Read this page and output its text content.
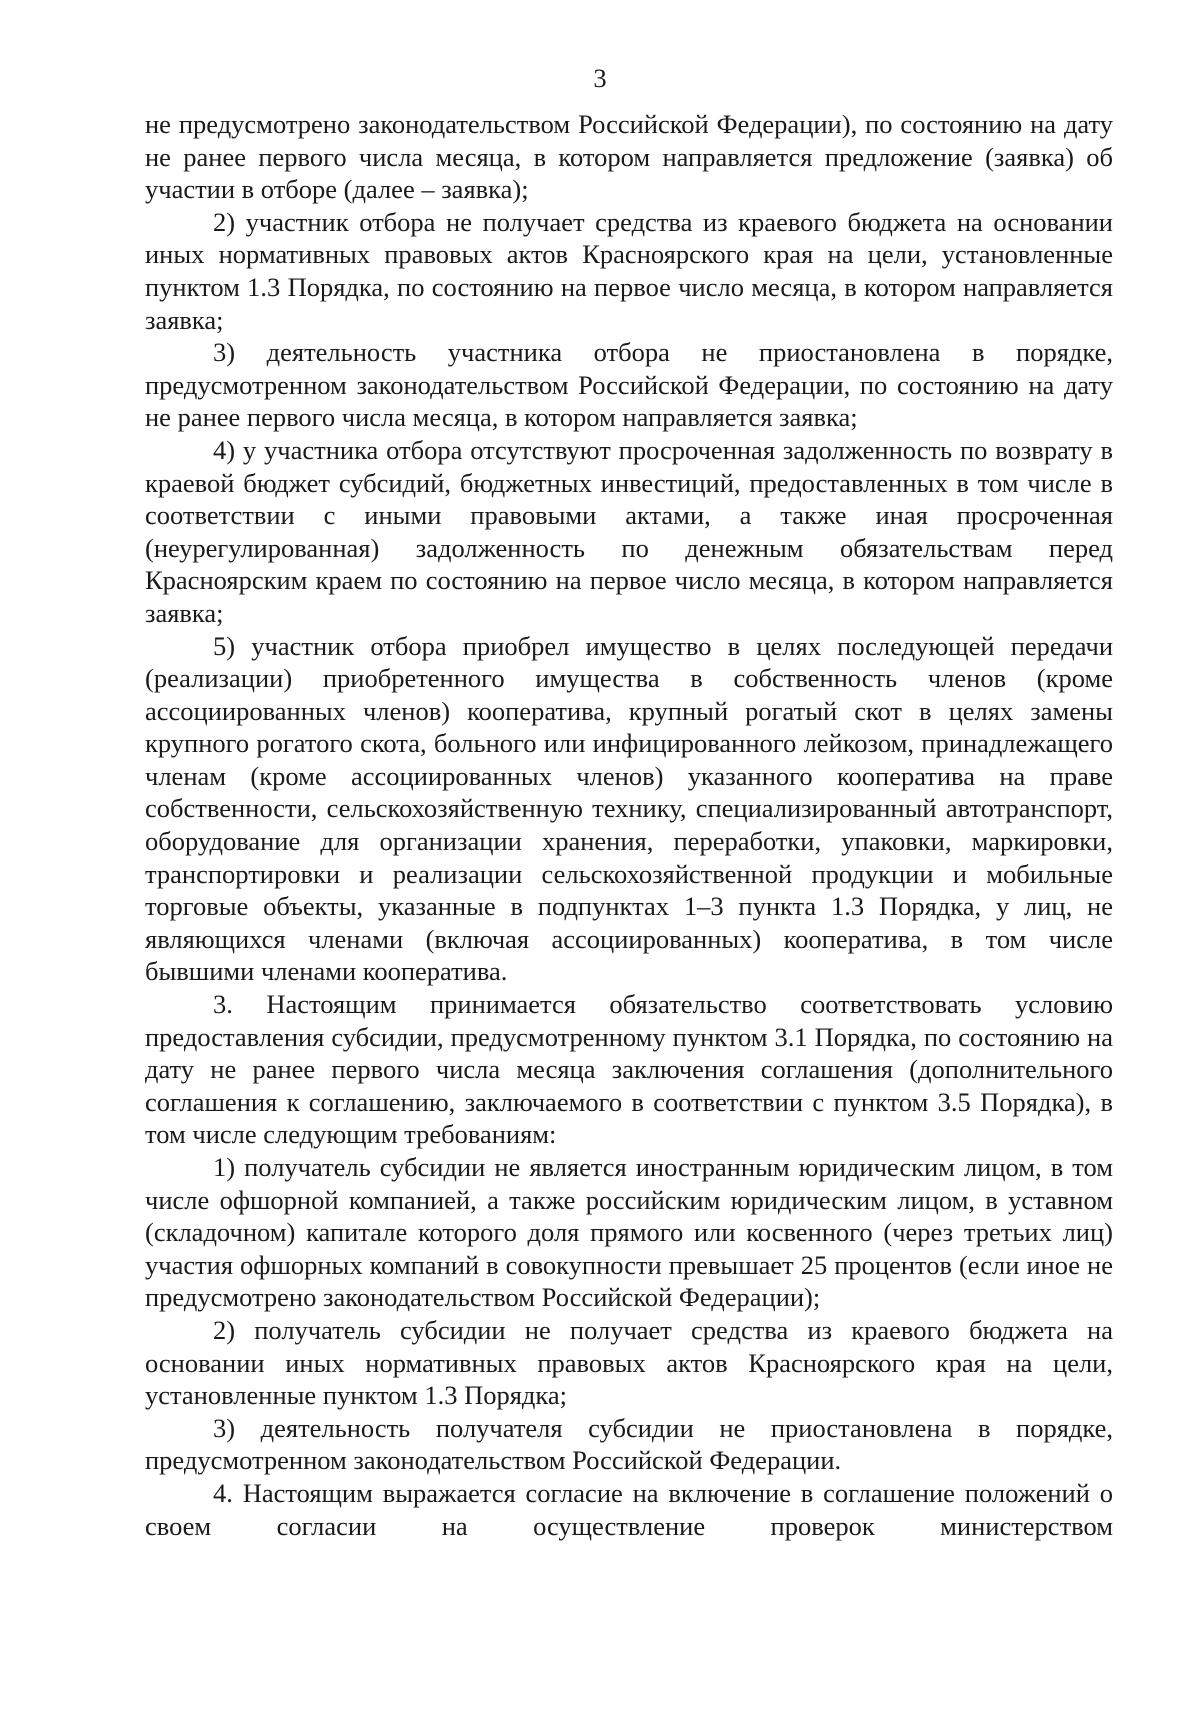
3

не предусмотрено законодательством Российской Федерации), по состоянию на дату не ранее первого числа месяца, в котором направляется предложение (заявка) об участии в отборе (далее – заявка);

2) участник отбора не получает средства из краевого бюджета на основании иных нормативных правовых актов Красноярского края на цели, установленные пунктом 1.3 Порядка, по состоянию на первое число месяца, в котором направляется заявка;

3) деятельность участника отбора не приостановлена в порядке, предусмотренном законодательством Российской Федерации, по состоянию на дату не ранее первого числа месяца, в котором направляется заявка;

4) у участника отбора отсутствуют просроченная задолженность по возврату в краевой бюджет субсидий, бюджетных инвестиций, предоставленных в том числе в соответствии с иными правовыми актами, а также иная просроченная (неурегулированная) задолженность по денежным обязательствам перед Красноярским краем по состоянию на первое число месяца, в котором направляется заявка;

5) участник отбора приобрел имущество в целях последующей передачи (реализации) приобретенного имущества в собственность членов (кроме ассоциированных членов) кооператива, крупный рогатый скот в целях замены крупного рогатого скота, больного или инфицированного лейкозом, принадлежащего членам (кроме ассоциированных членов) указанного кооператива на праве собственности, сельскохозяйственную технику, специализированный автотранспорт, оборудование для организации хранения, переработки, упаковки, маркировки, транспортировки и реализации сельскохозяйственной продукции и мобильные торговые объекты, указанные в подпунктах 1–3 пункта 1.3 Порядка, у лиц, не являющихся членами (включая ассоциированных) кооператива, в том числе бывшими членами кооператива.

3. Настоящим принимается обязательство соответствовать условию предоставления субсидии, предусмотренному пунктом 3.1 Порядка, по состоянию на дату не ранее первого числа месяца заключения соглашения (дополнительного соглашения к соглашению, заключаемого в соответствии с пунктом 3.5 Порядка), в том числе следующим требованиям:

1) получатель субсидии не является иностранным юридическим лицом, в том числе офшорной компанией, а также российским юридическим лицом, в уставном (складочном) капитале которого доля прямого или косвенного (через третьих лиц) участия офшорных компаний в совокупности превышает 25 процентов (если иное не предусмотрено законодательством Российской Федерации);

2) получатель субсидии не получает средства из краевого бюджета на основании иных нормативных правовых актов Красноярского края на цели, установленные пунктом 1.3 Порядка;

3) деятельность получателя субсидии не приостановлена в порядке, предусмотренном законодательством Российской Федерации.

4. Настоящим выражается согласие на включение в соглашение положений о своем согласии на осуществление проверок министерством
